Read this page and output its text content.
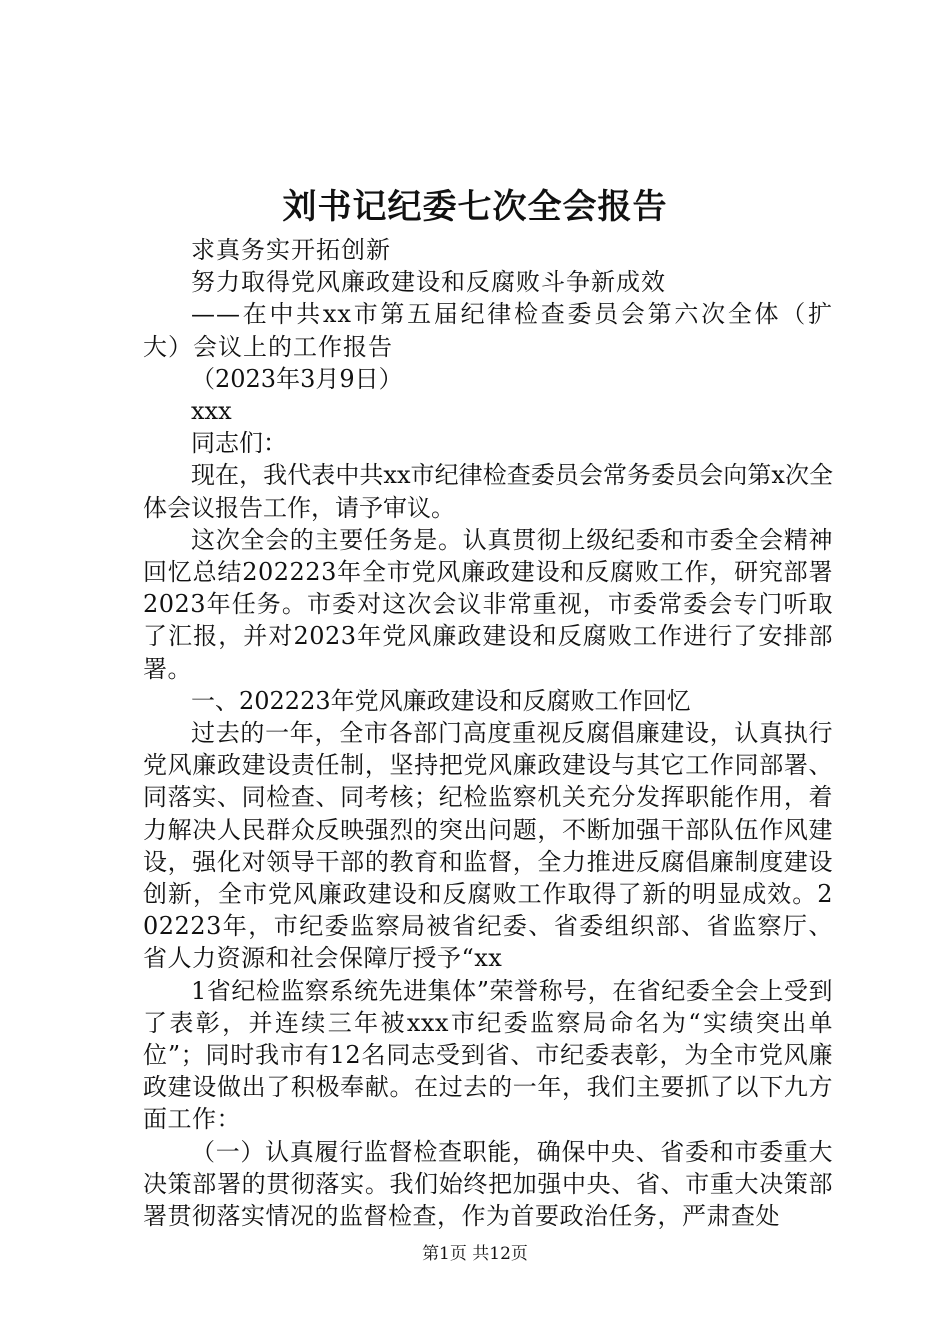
刘书记纪委七次全会报告

求真务实开拓创新

努力取得党风廉政建设和反腐败斗争新成效

——在中共xx市第五届纪律检查委员会第六次全体（扩大）会议上的工作报告

（2023年3月9日）

xxx

同志们：

现在，我代表中共xx市纪律检查委员会常务委员会向第x次全体会议报告工作，请予审议。

这次全会的主要任务是。认真贯彻上级纪委和市委全会精神回忆总结202223年全市党风廉政建设和反腐败工作，研究部署2023年任务。市委对这次会议非常重视，市委常委会专门听取了汇报，并对2023年党风廉政建设和反腐败工作进行了安排部署。

一、202223年党风廉政建设和反腐败工作回忆

过去的一年，全市各部门高度重视反腐倡廉建设，认真执行党风廉政建设责任制，坚持把党风廉政建设与其它工作同部署、同落实、同检查、同考核；纪检监察机关充分发挥职能作用，着力解决人民群众反映强烈的突出问题，不断加强干部队伍作风建设，强化对领导干部的教育和监督，全力推进反腐倡廉制度建设创新，全市党风廉政建设和反腐败工作取得了新的明显成效。202223年，市纪委监察局被省纪委、省委组织部、省监察厅、省人力资源和社会保障厅授予“xx

1省纪检监察系统先进集体”荣誉称号，在省纪委全会上受到了表彰，并连续三年被xxx市纪委监察局命名为“实绩突出单位”；同时我市有12名同志受到省、市纪委表彰，为全市党风廉政建设做出了积极奉献。在过去的一年，我们主要抓了以下九方面工作：

（一）认真履行监督检查职能，确保中央、省委和市委重大决策部署的贯彻落实。我们始终把加强中央、省、市重大决策部署贯彻落实情况的监督检查，作为首要政治任务，严肃查处

第1页 共12页
